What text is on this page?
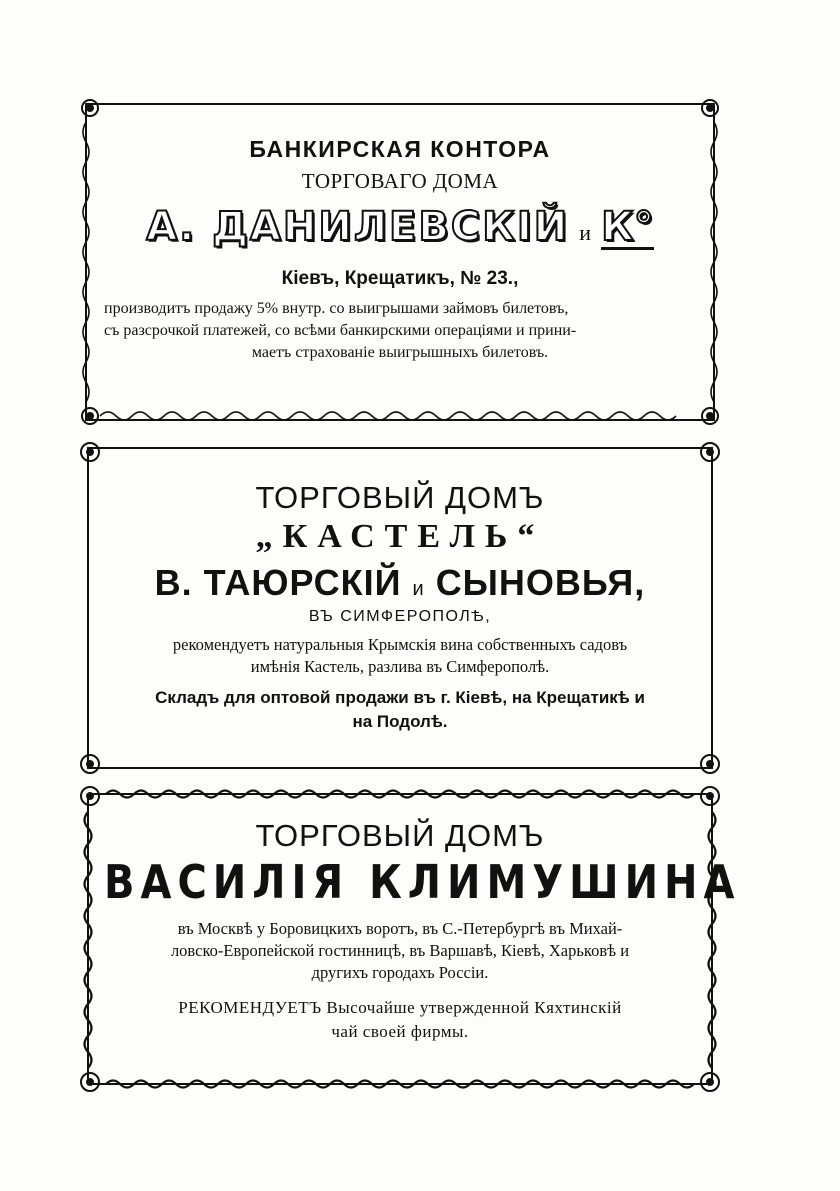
БАНКИРСКАЯ КОНТОРА
ТОРГОВАГО ДОМА
А. ДАНИЛЕВСКIЙ и К°
Кiевъ, Крещатикъ, № 23.,
производитъ продажу 5% внутр. со выигрышами займовъ билетовъ,
съ разсрочкой платежей, со всѣми банкирскими операцiями и прини-
маетъ страхованiе выигрышныхъ билетовъ.
ТОРГОВЫЙ ДОМЪ
„КАСТЕЛЬ“
В. ТАЮРСКIЙ и СЫНОВЬЯ,
ВЪ СИМФЕРОПОЛѢ,
рекомендуетъ натуральныя Крымскiя вина собственныхъ садовъ
имѣнiя Кастель, разлива въ Симферополѣ.
Складъ для оптовой продажи въ г. Кiевѣ, на Крещатикѣ и
на Подолѣ.
ТОРГОВЫЙ ДОМЪ
ВАСИЛIЯ КЛИМУШИНА
въ Москвѣ у Боровицкихъ воротъ, въ С.-Петербургѣ въ Михай-
ловско-Европейской гостинницѣ, въ Варшавѣ, Кiевѣ, Харьковѣ и
другихъ городахъ Россiи.
РЕКОМЕНДУЕТЪ Высочайше утвержденной Кяхтинскiй
чай своей фирмы.
